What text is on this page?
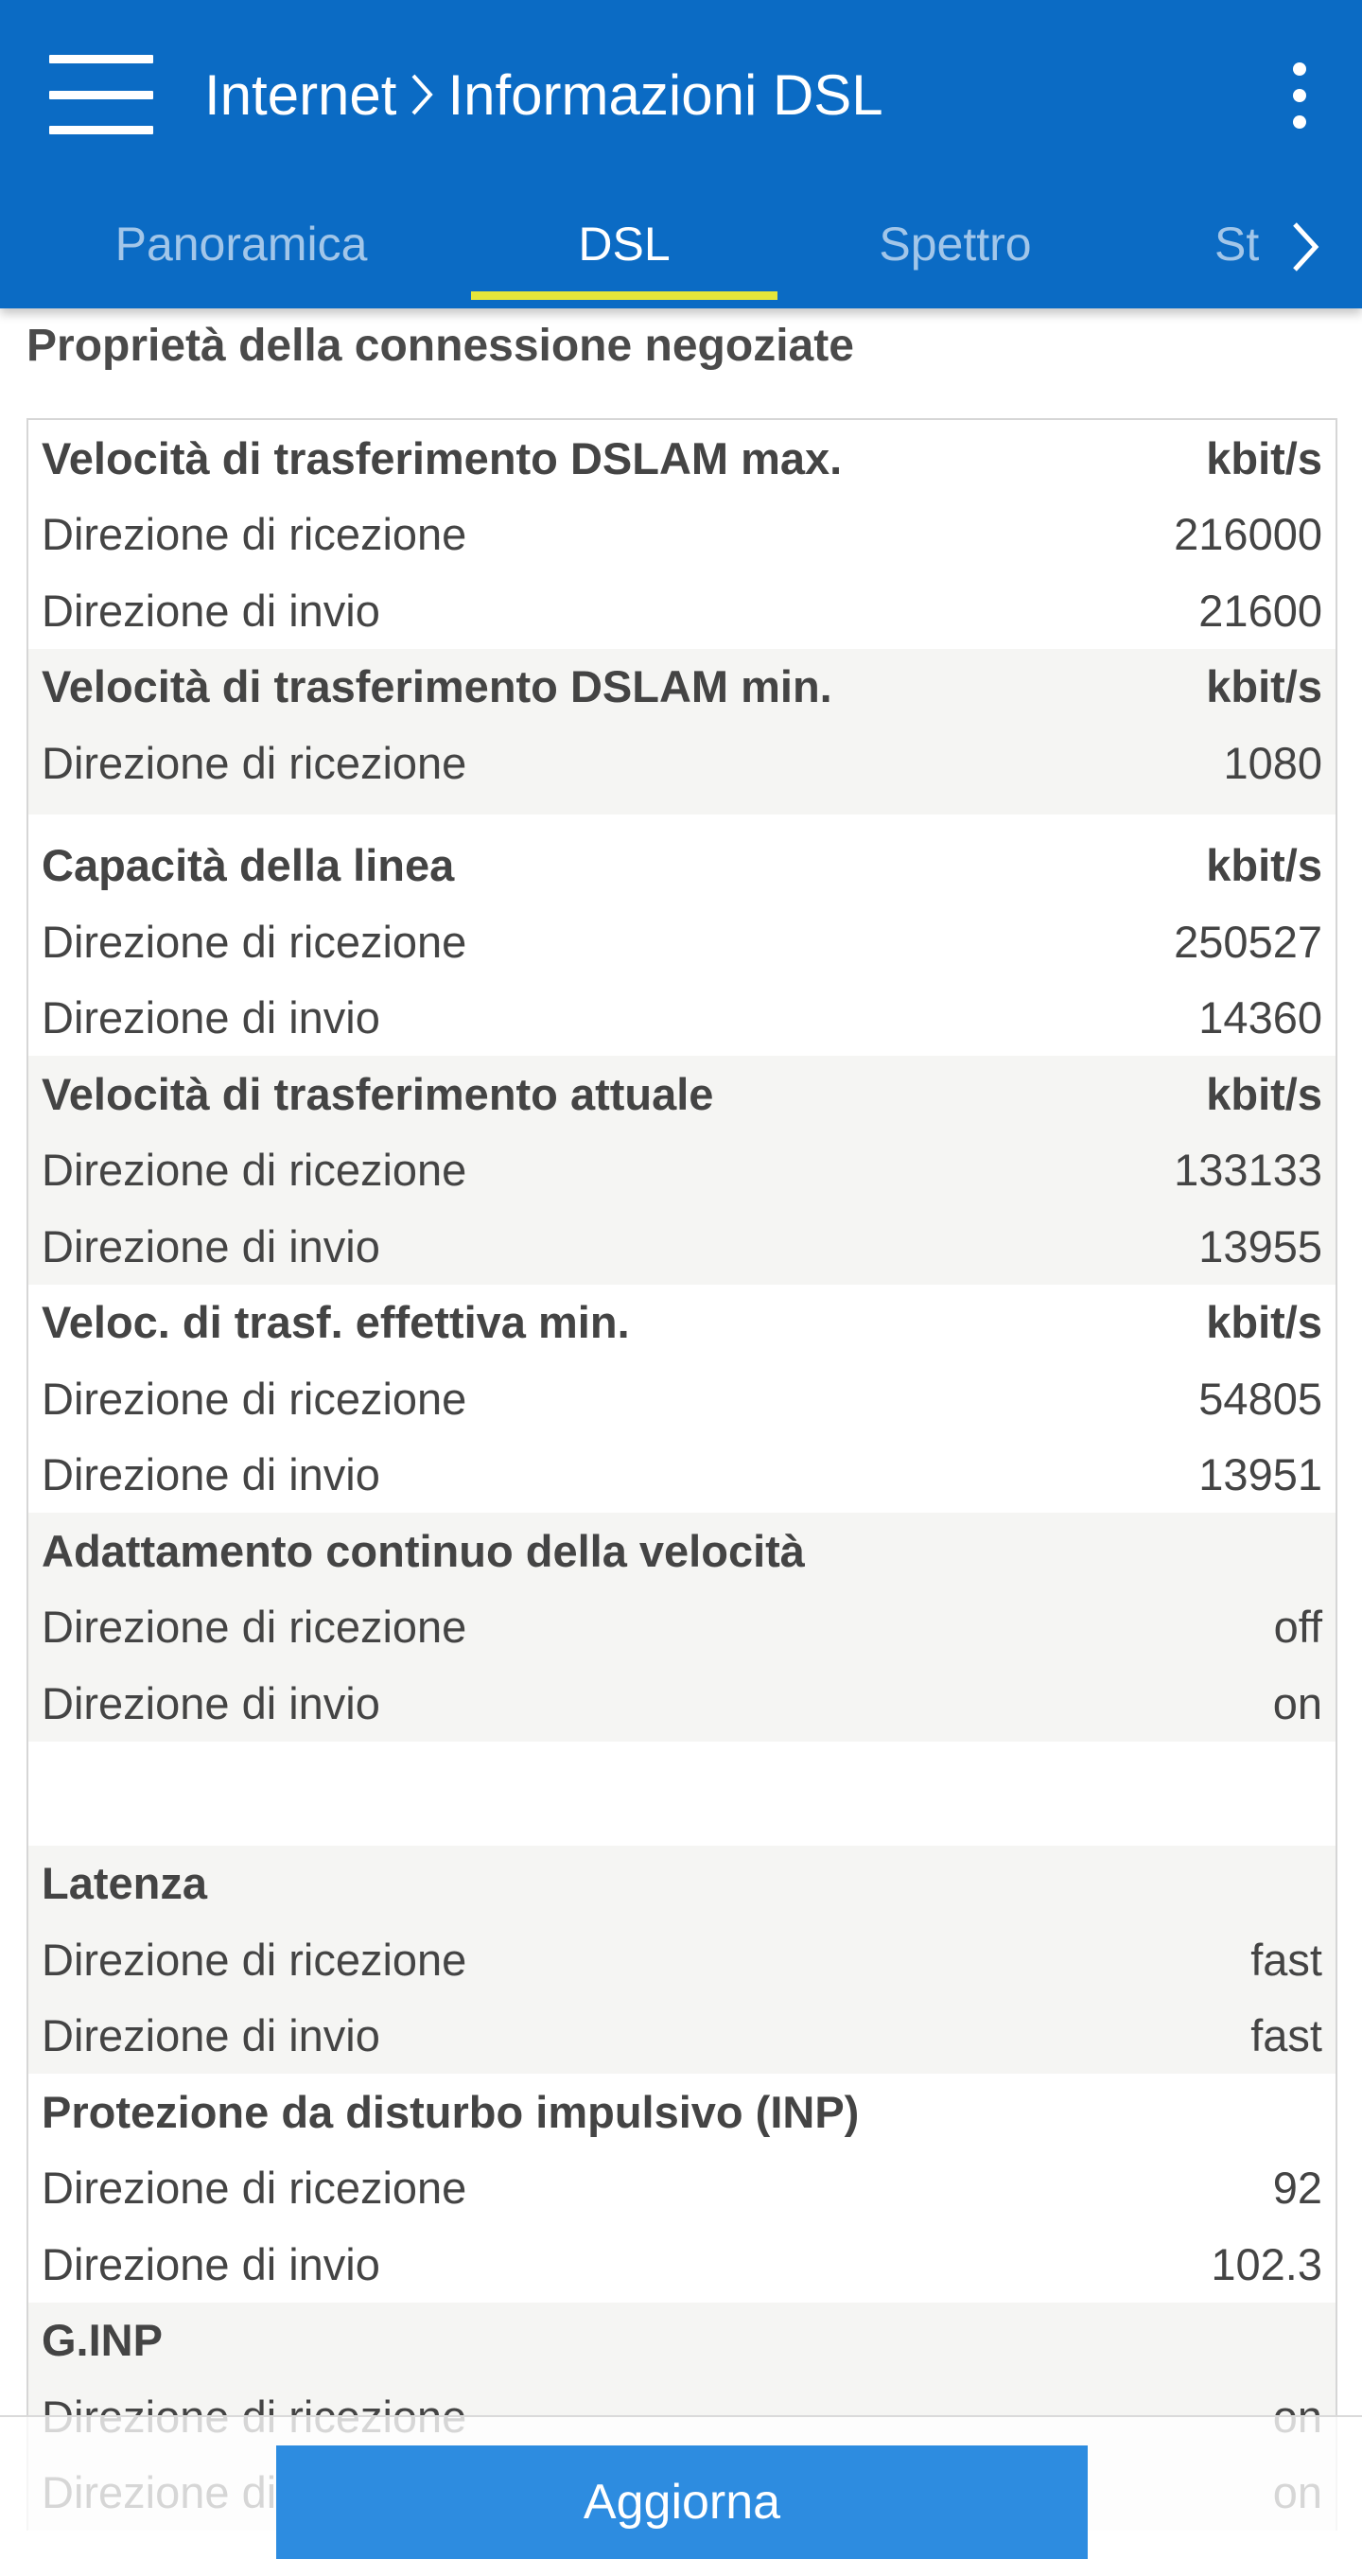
Internet Informazioni DSL
Panoramica	DSL	Spettro	St
Proprietà della connessione negoziate
Velocità di trasferimento DSLAM max.	kbit/s
Direzione di ricezione	216000
Direzione di invio	21600
Velocità di trasferimento DSLAM min.	kbit/s
Direzione di ricezione	1080
Capacità della linea	kbit/s
Direzione di ricezione	250527
Direzione di invio	14360
Velocità di trasferimento attuale	kbit/s
Direzione di ricezione	133133
Direzione di invio	13955
Veloc. di trasf. effettiva min.	kbit/s
Direzione di ricezione	54805
Direzione di invio	13951
Adattamento continuo della velocità
Direzione di ricezione	off
Direzione di invio	on
Latenza
Direzione di ricezione	fast
Direzione di invio	fast
Protezione da disturbo impulsivo (INP)
Direzione di ricezione	92
Direzione di invio	102.3
G.INP
Aggiorna
